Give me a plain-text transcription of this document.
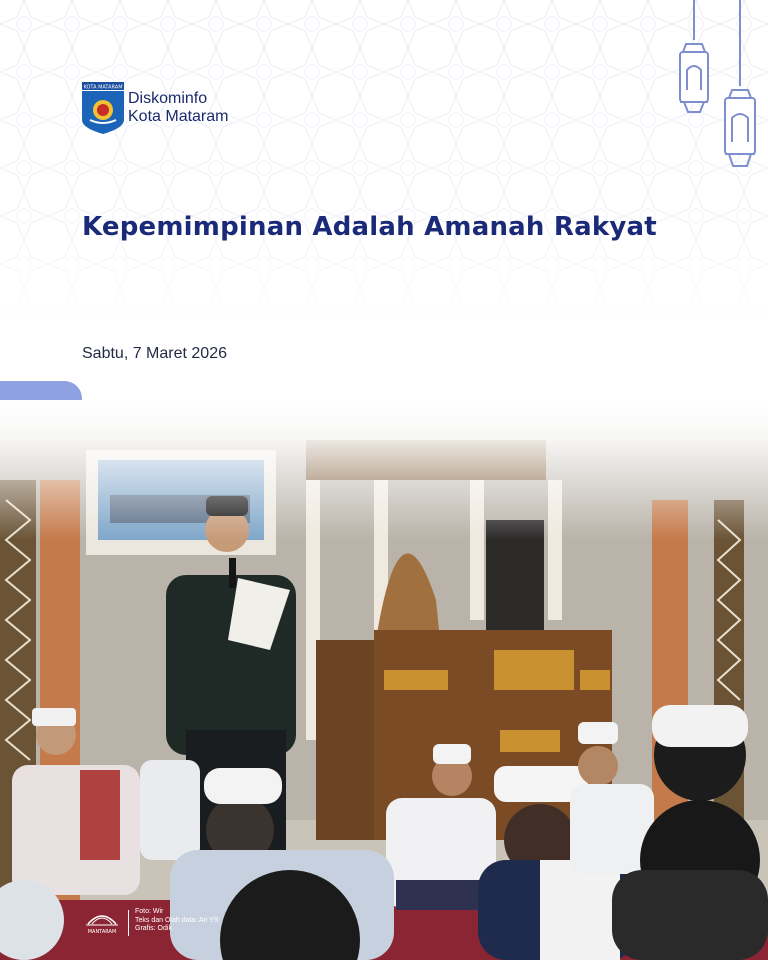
KOTA MATARAM
Diskominfo
Kota Mataram
Kepemimpinan Adalah Amanah Rakyat
Sabtu, 7 Maret 2026
MANTARAM
Foto: Wir
Teks dan Olah data: Ari YS
Grafis: Odik
